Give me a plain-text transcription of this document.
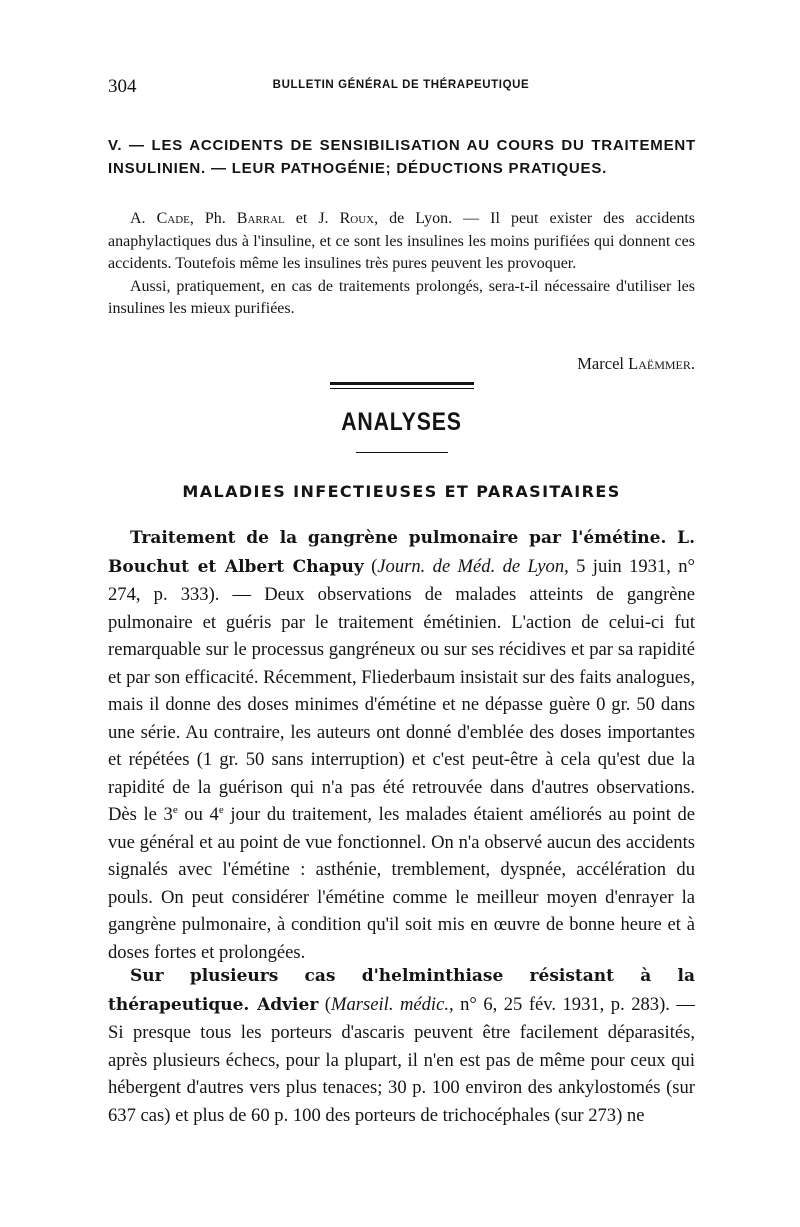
304	BULLETIN GÉNÉRAL DE THÉRAPEUTIQUE
V. — LES ACCIDENTS DE SENSIBILISATION AU COURS DU TRAITEMENT INSULINIEN. — LEUR PATHOGÉNIE; DÉDUCTIONS PRATIQUES.

A. Cade, Ph. Barral et J. Roux, de Lyon. — Il peut exister des accidents anaphylactiques dus à l'insuline, et ce sont les insulines les moins purifiées qui donnent ces accidents. Toutefois même les insulines très pures peuvent les provoquer.

Aussi, pratiquement, en cas de traitements prolongés, sera-t-il nécessaire d'utiliser les insulines les mieux purifiées.

Marcel Laëmmer.
ANALYSES
MALADIES INFECTIEUSES ET PARASITAIRES

Traitement de la gangrène pulmonaire par l'émétine. L. Bouchut et Albert Chapuy (Journ. de Méd. de Lyon, 5 juin 1931, n° 274, p. 333). — Deux observations de malades atteints de gangrène pulmonaire et guéris par le traitement émétinien. L'action de celui-ci fut remarquable sur le processus gangréneux ou sur ses récidives et par sa rapidité et par son efficacité. Récemment, Fliederbaum insistait sur des faits analogues, mais il donne des doses minimes d'émétine et ne dépasse guère 0 gr. 50 dans une série. Au contraire, les auteurs ont donné d'emblée des doses importantes et répétées (1 gr. 50 sans interruption) et c'est peut-être à cela qu'est due la rapidité de la guérison qui n'a pas été retrouvée dans d'autres observations. Dès le 3e ou 4e jour du traitement, les malades étaient améliorés au point de vue général et au point de vue fonctionnel. On n'a observé aucun des accidents signalés avec l'émétine : asthénie, tremblement, dyspnée, accélération du pouls. On peut considérer l'émétine comme le meilleur moyen d'enrayer la gangrène pulmonaire, à condition qu'il soit mis en œuvre de bonne heure et à doses fortes et prolongées.

Sur plusieurs cas d'helminthiase résistant à la thérapeutique. Advier (Marseil. médic., n° 6, 25 fév. 1931, p. 283). — Si presque tous les porteurs d'ascaris peuvent être facilement déparasités, après plusieurs échecs, pour la plupart, il n'en est pas de même pour ceux qui hébergent d'autres vers plus tenaces; 30 p. 100 environ des ankylostomés (sur 637 cas) et plus de 60 p. 100 des porteurs de trichocéphales (sur 273) ne
